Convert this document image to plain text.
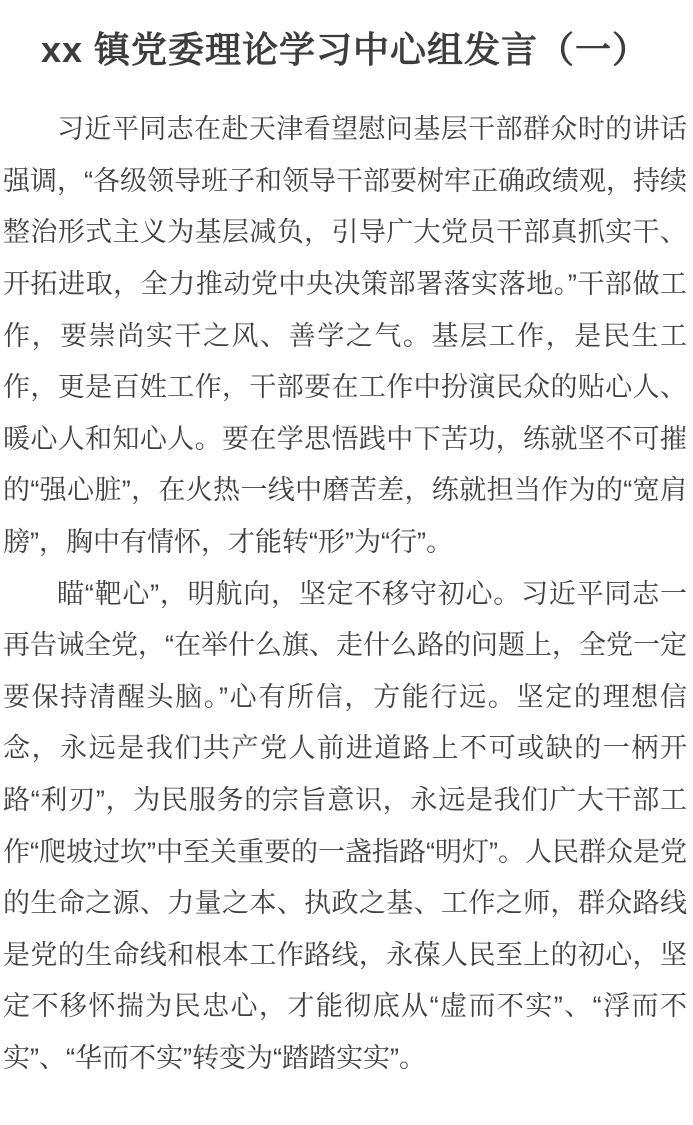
xx 镇党委理论学习中心组发言（一）

习近平同志在赴天津看望慰问基层干部群众时的讲话强调，“各级领导班子和领导干部要树牢正确政绩观，持续整治形式主义为基层减负，引导广大党员干部真抓实干、开拓进取，全力推动党中央决策部署落实落地。”干部做工作，要崇尚实干之风、善学之气。基层工作，是民生工作，更是百姓工作，干部要在工作中扮演民众的贴心人、暖心人和知心人。要在学思悟践中下苦功，练就坚不可摧的“强心脏”，在火热一线中磨苦差，练就担当作为的“宽肩膀”，胸中有情怀，才能转“形”为“行”。

瞄“靶心”，明航向，坚定不移守初心。习近平同志一再告诫全党，“在举什么旗、走什么路的问题上，全党一定要保持清醒头脑。”心有所信，方能行远。坚定的理想信念，永远是我们共产党人前进道路上不可或缺的一柄开路“利刃”，为民服务的宗旨意识，永远是我们广大干部工作“爬坡过坎”中至关重要的一盏指路“明灯”。人民群众是党的生命之源、力量之本、执政之基、工作之师，群众路线是党的生命线和根本工作路线，永葆人民至上的初心，坚定不移怀揣为民忠心，才能彻底从“虚而不实”、“浮而不实”、“华而不实”转变为“踏踏实实”。
